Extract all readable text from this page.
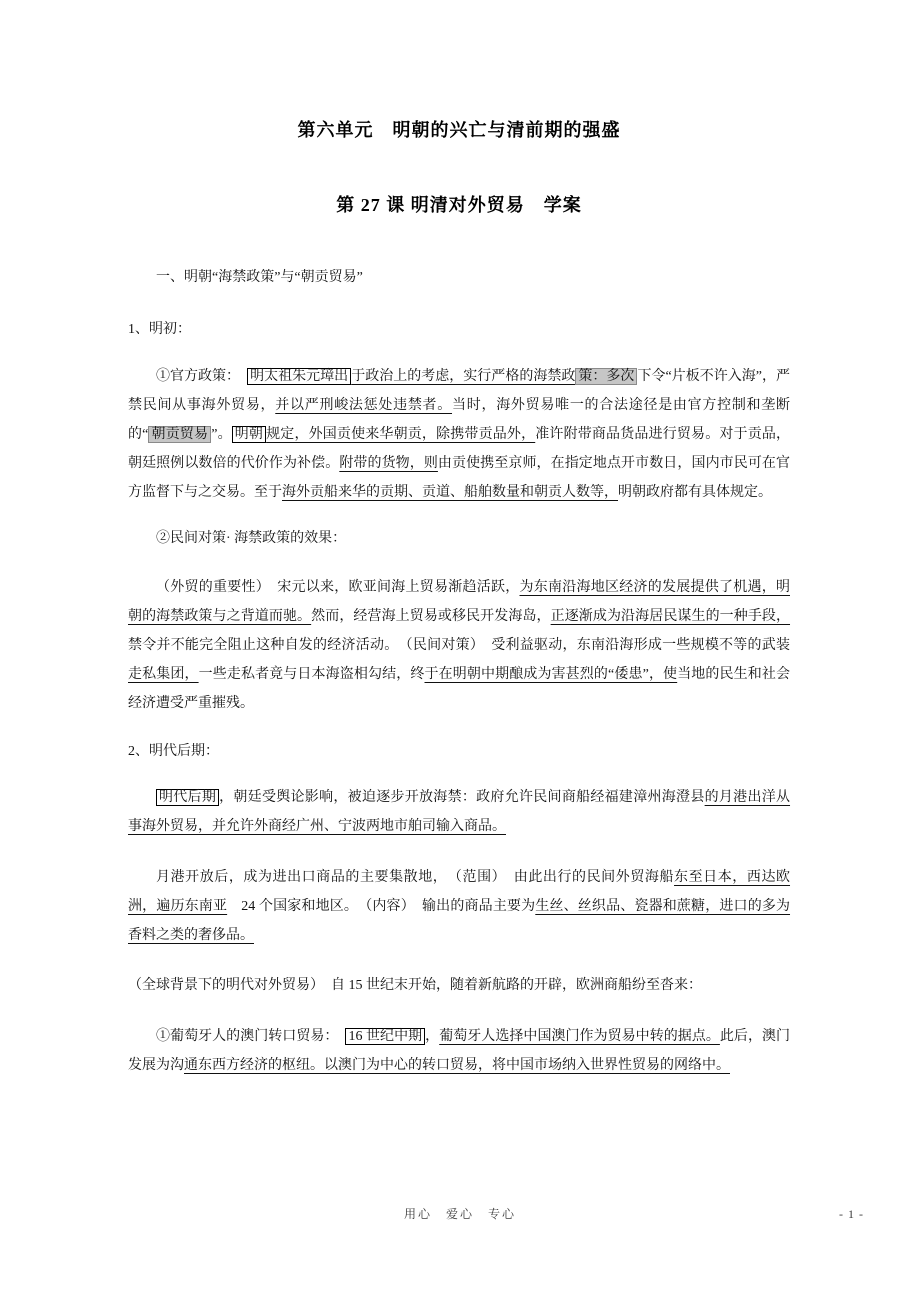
第六单元　明朝的兴亡与清前期的强盛
第 27 课 明清对外贸易　学案

一、明朝“海禁政策”与“朝贡贸易”

1、明初：

①官方政策：　明太祖朱元璋出 于政治上的考虑，实行严格的海禁政 策：多次 下令“片板不许入海”，严禁民间从事海外贸易，并以严刑峻法惩处违禁者。当时，海外贸易唯一的合法途径是由官方控制和垄断的“ 朝贡贸易 ”。 明朝 规定，外国贡使来华朝贡，除携带贡品外，准许附带商品货品进行贸易。对于贡品，朝廷照例以数倍的代价作为补偿。附带的货物，则由贡使携至京师，在指定地点开市数日，国内市民可在官方监督下与之交易。至于海外贡船来华的贡期、贡道、船舶数量和朝贡人数等，明朝政府都有具体规定。

②民间对策· 海禁政策的效果：

（外贸的重要性）　宋元以来，欧亚间海上贸易渐趋活跃，为东南沿海地区经济的发展提供了机遇，明朝的海禁政策与之背道而驰。然而，经营海上贸易或移民开发海岛，正逐渐成为沿海居民谋生的一种手段，禁令并不能完全阻止这种自发的经济活动。　（民间对策）　受利益驱动，东南沿海形成一些规模不等的武装走私集团，一些走私者竟与日本海盗相勾结，终于在明朝中期酿成为害甚烈的“倭患”，使当地的民生和社会经济遭受严重摧残。

2、明代后期：

明代后期 ，朝廷受舆论影响，被迫逐步开放海禁：政府允许民间商船经福建漳州海澄县的月港出洋从事海外贸易，并允许外商经广州、宁波两地市舶司输入商品。

月港开放后，成为进出口商品的主要集散地，　（范围）　由此出行的民间外贸海船东至日本，西达欧洲，遍历东南亚　24 个国家和地区。　（内容）　输出的商品主要为生丝、丝织品、瓷器和蔗糖，进口的多为香料之类的奢侈品。

（全球背景下的明代对外贸易）　自 15 世纪末开始，随着新航路的开辟，欧洲商船纷至沓来：

①葡萄牙人的澳门转口贸易：　16 世纪中期 ，葡萄牙人选择中国澳门作为贸易中转的据点。此后，澳门发展为沟通东西方经济的枢纽。以澳门为中心的转口贸易，将中国市场纳入世界性贸易的网络中。

用心　爱心　专心	- 1 -
